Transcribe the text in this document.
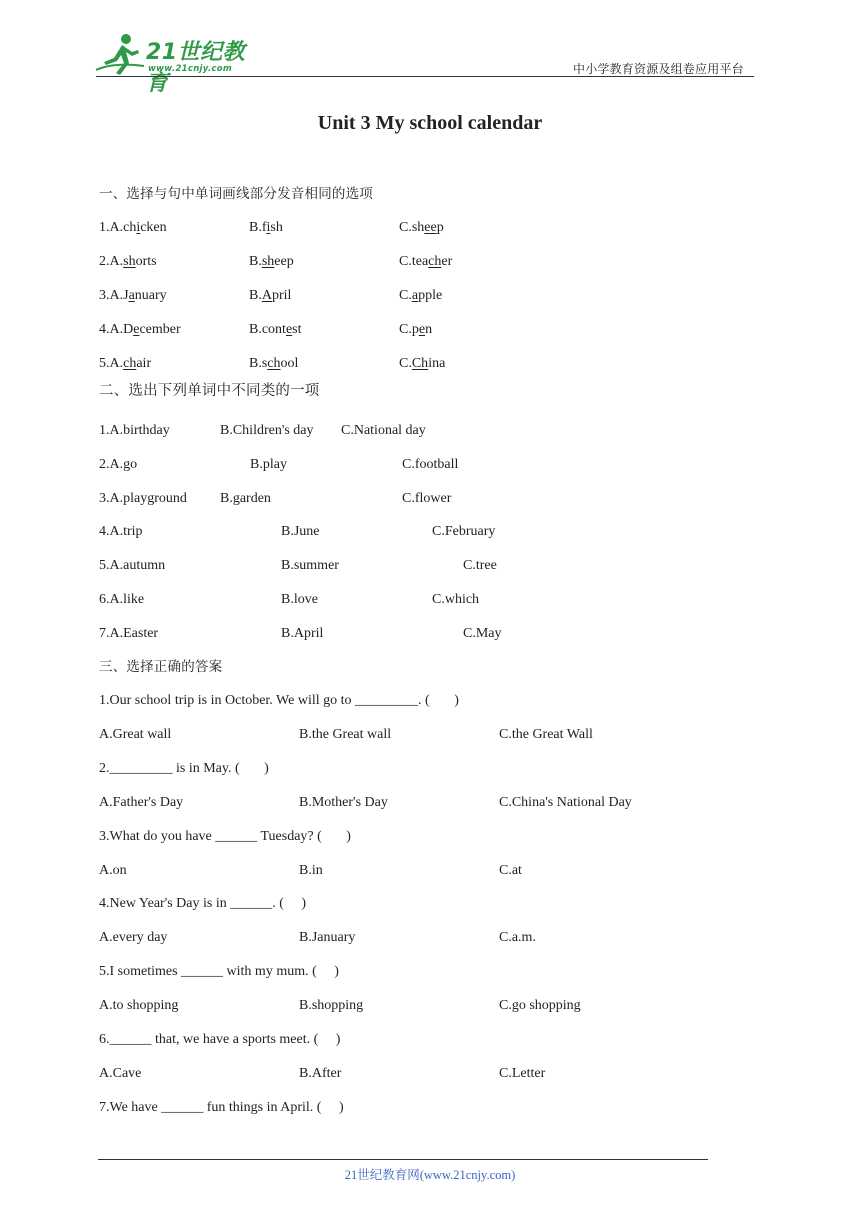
21世纪教育
www.21cnjy.com	中小学教育资源及组卷应用平台
Unit 3 My school calendar
一、选择与句中单词画线部分发音相同的选项
1.A.chicken	B.fish	C.sheep
2.A.shorts	B.sheep	C.teacher
3.A.January	B.April	C.apple
4.A.December	B.contest	C.pen
5.A.chair	B.school	C.China
二、选出下列单词中不同类的一项
1.A.birthday	B.Children's day C.National day
2.A.go	B.play	C.football
3.A.playground B.garden	C.flower
4.A.trip	B.June	C.February
5.A.autumn	B.summer	C.tree
6.A.like	B.love	C.which
7.A.Easter	B.April	C.May
三、选择正确的答案
1.Our school trip is in October. We will go to _________. (       )
A.Great wall	B.the Great wall	C.the Great Wall
2._________ is in May. (       )
A.Father's Day	B.Mother's Day	C.China's National Day
3.What do you have ______ Tuesday? (       )
A.on	B.in	C.at
4.New Year's Day is in ______. (     )
A.every day	B.January	C.a.m.
5.I sometimes ______ with my mum. (     )
A.to shopping	B.shopping	C.go shopping
6.______ that, we have a sports meet. (     )
A.Cave	B.After	C.Letter
7.We have ______ fun things in April. (     )
21世纪教育网(www.21cnjy.com)
